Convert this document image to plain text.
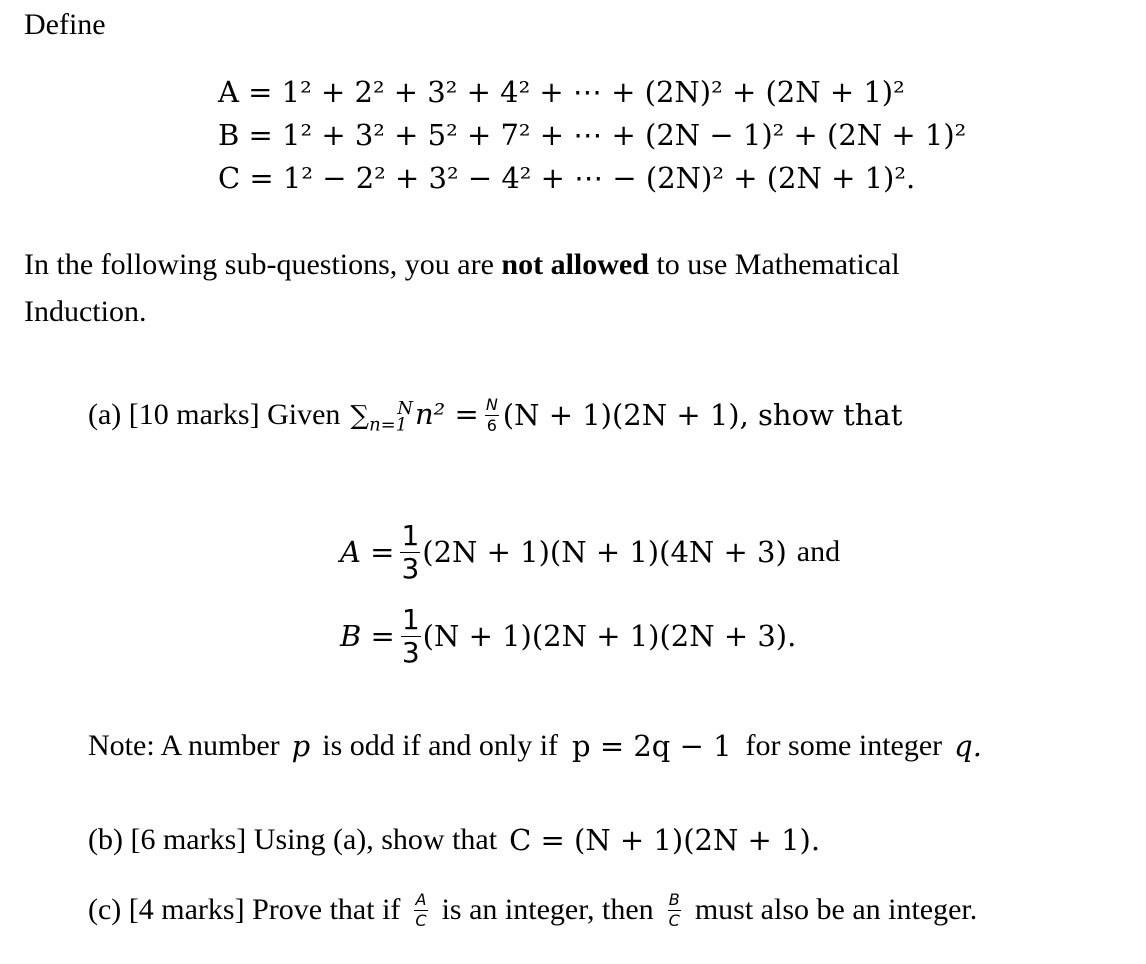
Define
A = 1² + 2² + 3² + 4² + ⋯ + (2N)² + (2N + 1)²
B = 1² + 3² + 5² + 7² + ⋯ + (2N − 1)² + (2N + 1)²
C = 1² − 2² + 3² − 4² + ⋯ − (2N)² + (2N + 1)².
In the following sub-questions, you are not allowed to use Mathematical
Induction.
(a) [10 marks] Given $\sum_{n=1}^Nn^2 = \frac{N}{6} (N + 1)(2N + 1)$, show that
$A = \frac{1}{3} (2N + 1)(N + 1)(4N + 3)$ and
$B = \frac{1}{3} (N + 1)(2N + 1)(2N + 3)$.
Note: A number p is odd if and only if p = 2q − 1 for some integer q.
(b) [6 marks] Using (a), show that C = (N + 1)(2N + 1).
(c) [4 marks] Prove that if $\frac{A}{C}$ is an integer, then $\frac{B}{C}$ must also be an integer.
